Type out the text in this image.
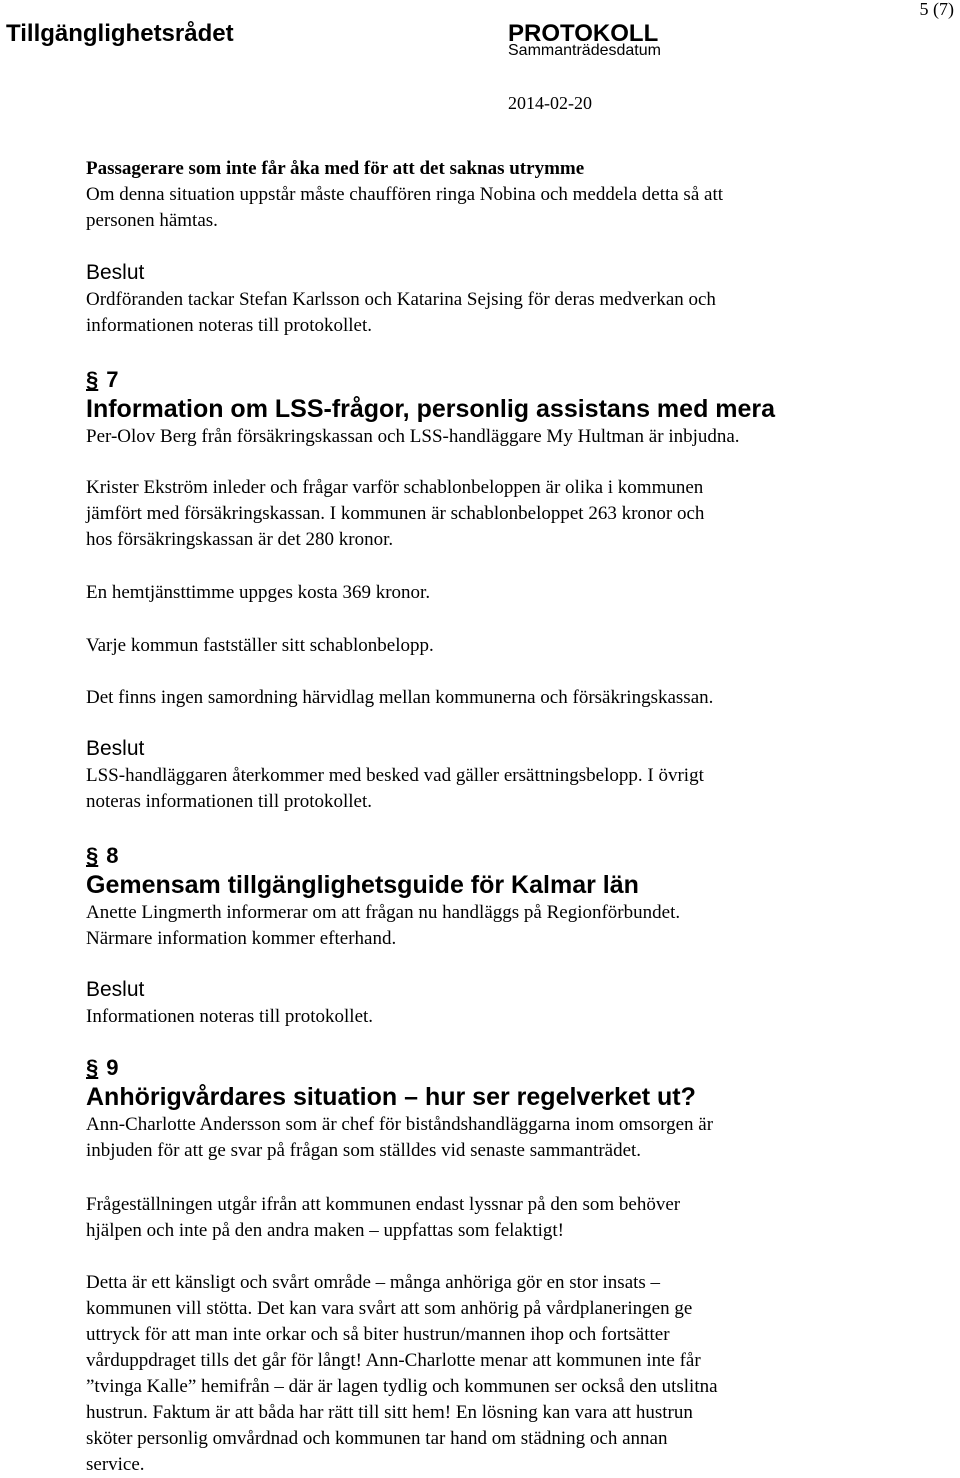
Tillgänglighetsrådet	PROTOKOLL
Sammanträdesdatum
2014-02-20
5 (7)

Passagerare som inte får åka med för att det saknas utrymme

Om denna situation uppstår måste chauffören ringa Nobina och meddela detta så att

personen hämtas.

Beslut

Ordföranden tackar Stefan Karlsson och Katarina Sejsing för deras medverkan och

informationen noteras till protokollet.

§ 7

Information om LSS-frågor, personlig assistans med mera

Per-Olov Berg från försäkringskassan och LSS-handläggare My Hultman är inbjudna.

Krister Ekström inleder och frågar varför schablonbeloppen är olika i kommunen

jämfört med försäkringskassan. I kommunen är schablonbeloppet 263 kronor och

hos försäkringskassan är det 280 kronor.

En hemtjänsttimme uppges kosta 369 kronor.

Varje kommun fastställer sitt schablonbelopp.

Det finns ingen samordning härvidlag mellan kommunerna och försäkringskassan.

Beslut

LSS-handläggaren återkommer med besked vad gäller ersättningsbelopp. I övrigt

noteras informationen till protokollet.

§ 8

Gemensam tillgänglighetsguide för Kalmar län

Anette Lingmerth informerar om att frågan nu handläggs på Regionförbundet.

Närmare information kommer efterhand.

Beslut

Informationen noteras till protokollet.

§ 9

Anhörigvårdares situation – hur ser regelverket ut?

Ann-Charlotte Andersson som är chef för biståndshandläggarna inom omsorgen är

inbjuden för att ge svar på frågan som ställdes vid senaste sammanträdet.

Frågeställningen utgår ifrån att kommunen endast lyssnar på den som behöver

hjälpen och inte på den andra maken – uppfattas som felaktigt!

Detta är ett känsligt och svårt område – många anhöriga gör en stor insats –

kommunen vill stötta. Det kan vara svårt att som anhörig på vårdplaneringen ge

uttryck för att man inte orkar och så biter hustrun/mannen ihop och fortsätter

vårduppdraget tills det går för långt! Ann-Charlotte menar att kommunen inte får

”tvinga Kalle” hemifrån – där är lagen tydlig och kommunen ser också den utslitna

hustrun. Faktum är att båda har rätt till sitt hem! En lösning kan vara att hustrun

sköter personlig omvårdnad och kommunen tar hand om städning och annan

service.
